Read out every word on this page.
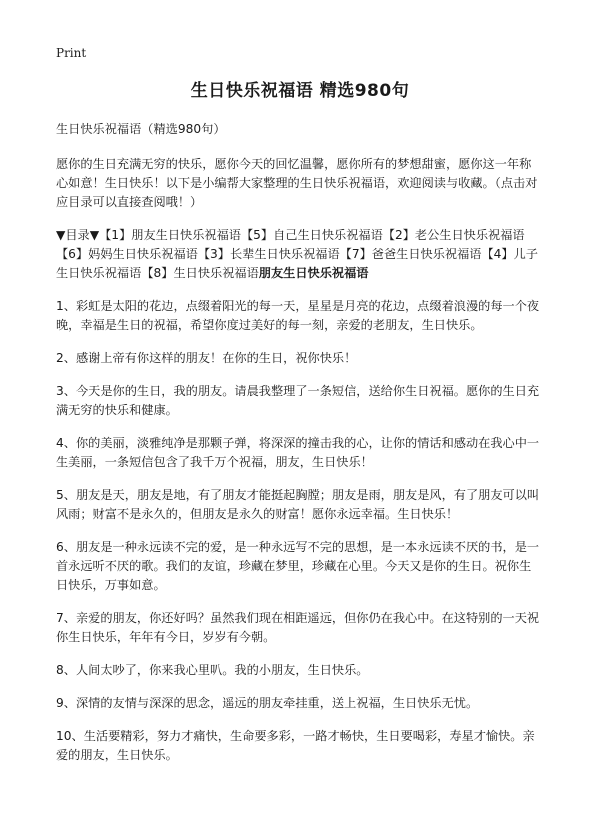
Print
生日快乐祝福语 精选980句

生日快乐祝福语（精选980句）

愿你的生日充满无穷的快乐，愿你今天的回忆温馨，愿你所有的梦想甜蜜，愿你这一年称心如意！生日快乐！以下是小编帮大家整理的生日快乐祝福语，欢迎阅读与收藏。（点击对应目录可以直接查阅哦！）

▼目录▼【1】朋友生日快乐祝福语【5】自己生日快乐祝福语【2】老公生日快乐祝福语【6】妈妈生日快乐祝福语【3】长辈生日快乐祝福语【7】爸爸生日快乐祝福语【4】儿子生日快乐祝福语【8】生日快乐祝福语朋友生日快乐祝福语

1、彩虹是太阳的花边，点缀着阳光的每一天，星星是月亮的花边，点缀着浪漫的每一个夜晚，幸福是生日的祝福，希望你度过美好的每一刻，亲爱的老朋友，生日快乐。

2、感谢上帝有你这样的朋友！在你的生日，祝你快乐！

3、今天是你的生日，我的朋友。请晨我整理了一条短信，送给你生日祝福。愿你的生日充满无穷的快乐和健康。

4、你的美丽，淡雅纯净是那颗子弹，将深深的撞击我的心，让你的情话和感动在我心中一生美丽，一条短信包含了我千万个祝福，朋友，生日快乐！

5、朋友是天，朋友是地，有了朋友才能挺起胸膛；朋友是雨，朋友是风，有了朋友可以叫风雨；财富不是永久的，但朋友是永久的财富！愿你永远幸福。生日快乐！

6、朋友是一种永远读不完的爱，是一种永远写不完的思想，是一本永远读不厌的书，是一首永远听不厌的歌。我们的友谊，珍藏在梦里，珍藏在心里。今天又是你的生日。祝你生日快乐，万事如意。

7、亲爱的朋友，你还好吗？虽然我们现在相距遥远，但你仍在我心中。在这特别的一天祝你生日快乐，年年有今日，岁岁有今朝。

8、人间太吵了，你来我心里叭。我的小朋友，生日快乐。

9、深情的友情与深深的思念，遥远的朋友牵挂重，送上祝福，生日快乐无忧。

10、生活要精彩，努力才痛快，生命要多彩，一路才畅快，生日要喝彩，寿星才愉快。亲爱的朋友，生日快乐。
